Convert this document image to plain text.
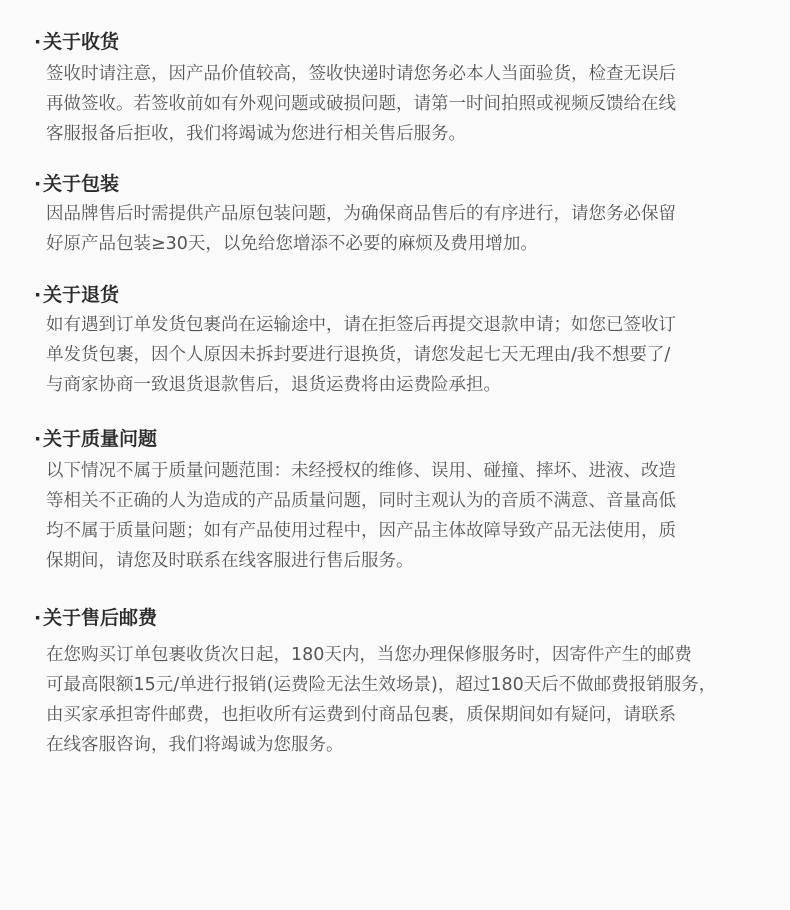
·关于收货
签收时请注意，因产品价值较高，签收快递时请您务必本人当面验货，检查无误后
再做签收。若签收前如有外观问题或破损问题，请第一时间拍照或视频反馈给在线
客服报备后拒收，我们将竭诚为您进行相关售后服务。
·关于包装
因品牌售后时需提供产品原包装问题，为确保商品售后的有序进行，请您务必保留
好原产品包装≥30天，以免给您增添不必要的麻烦及费用增加。
·关于退货
如有遇到订单发货包裹尚在运输途中，请在拒签后再提交退款申请；如您已签收订
单发货包裹，因个人原因未拆封要进行退换货，请您发起七天无理由/我不想要了/
与商家协商一致退货退款售后，退货运费将由运费险承担。
·关于质量问题
以下情况不属于质量问题范围：未经授权的维修、误用、碰撞、摔坏、进液、改造
等相关不正确的人为造成的产品质量问题，同时主观认为的音质不满意、音量高低
均不属于质量问题；如有产品使用过程中，因产品主体故障导致产品无法使用，质
保期间，请您及时联系在线客服进行售后服务。
·关于售后邮费
在您购买订单包裹收货次日起，180天内，当您办理保修服务时，因寄件产生的邮费
可最高限额15元/单进行报销(运费险无法生效场景)，超过180天后不做邮费报销服务，
由买家承担寄件邮费，也拒收所有运费到付商品包裹，质保期间如有疑问，请联系
在线客服咨询，我们将竭诚为您服务。
